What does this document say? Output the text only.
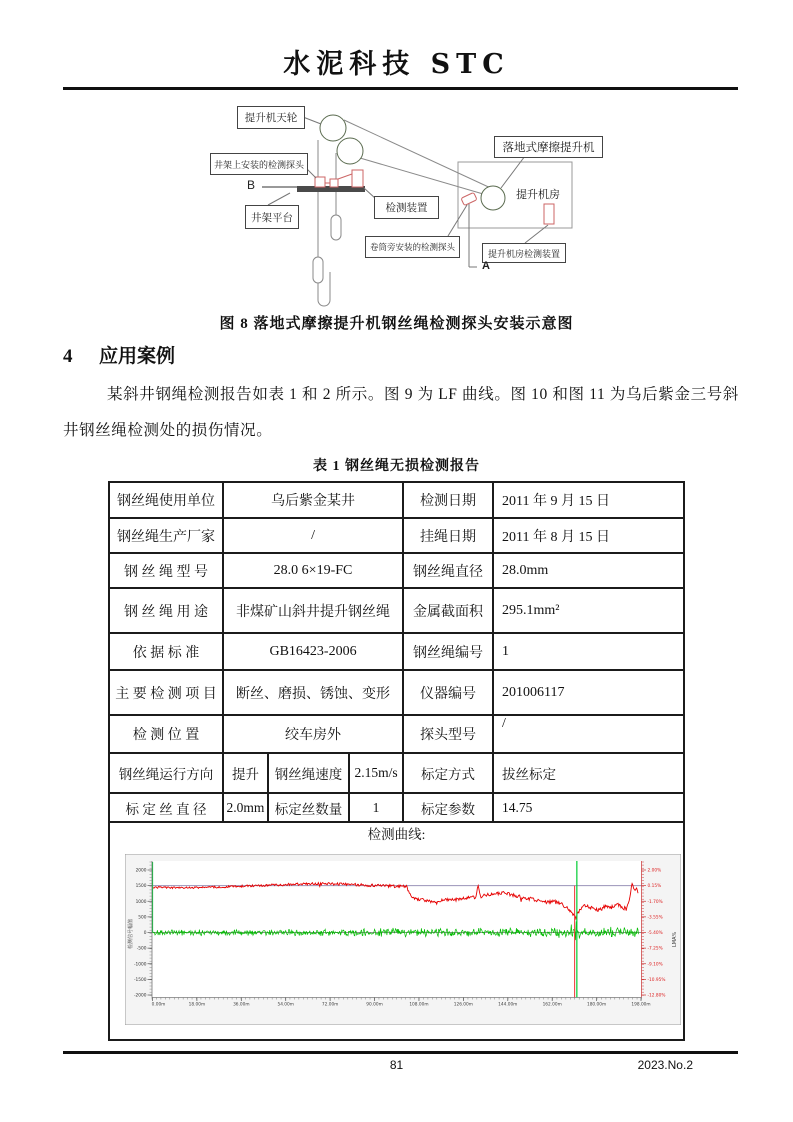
水泥科技 STC
提升机天轮
落地式摩擦提升机
井架上安装的检测探头
检测装置
井架平台
卷筒旁安装的检测探头
提升机房检测装置
提升机房
B
A
图 8 落地式摩擦提升机钢丝绳检测探头安装示意图
4 应用案例
某斜井钢绳检测报告如表 1 和 2 所示。图 9 为 LF 曲线。图 10 和图 11 为乌后紫金三号斜井钢丝绳检测处的损伤情况。
表 1 钢丝绳无损检测报告
钢丝绳使用单位	乌后紫金某井			检测日期	2011 年 9 月 15 日
钢丝绳生产厂家	/			挂绳日期	2011 年 8 月 15 日
钢 丝 绳 型 号	28.0 6×19-FC			钢丝绳直径	28.0mm
钢 丝 绳 用 途	非煤矿山斜井提升钢丝绳			金属截面积	295.1mm²
依 据 标 准	GB16423-2006			钢丝绳编号	1
主 要 检 测 项 目	断丝、磨损、锈蚀、变形			仪器编号	201006117
检 测 位 置	绞车房外			探头型号	/
钢丝绳运行方向	提升	钢丝绳速度	2.15m/s	标定方式	拔丝标定
标 定 丝 直 径	2.0mm	标定丝数量	1	标定参数	14.75
检测曲线:
2000
1500
1000
500
0
-500
-1000
-1500
-2000
2.00%
0.15%
-1.70%
-3.55%
-5.40%
-7.25%
-9.10%
-10.95%
-12.80%
0.00m	18.00m	36.00m	54.00m	72.00m	90.00m	108.00m	126.00m	144.00m	162.00m	180.00m	198.00m
检测信号幅值	LMA%
81	2023.No.2
